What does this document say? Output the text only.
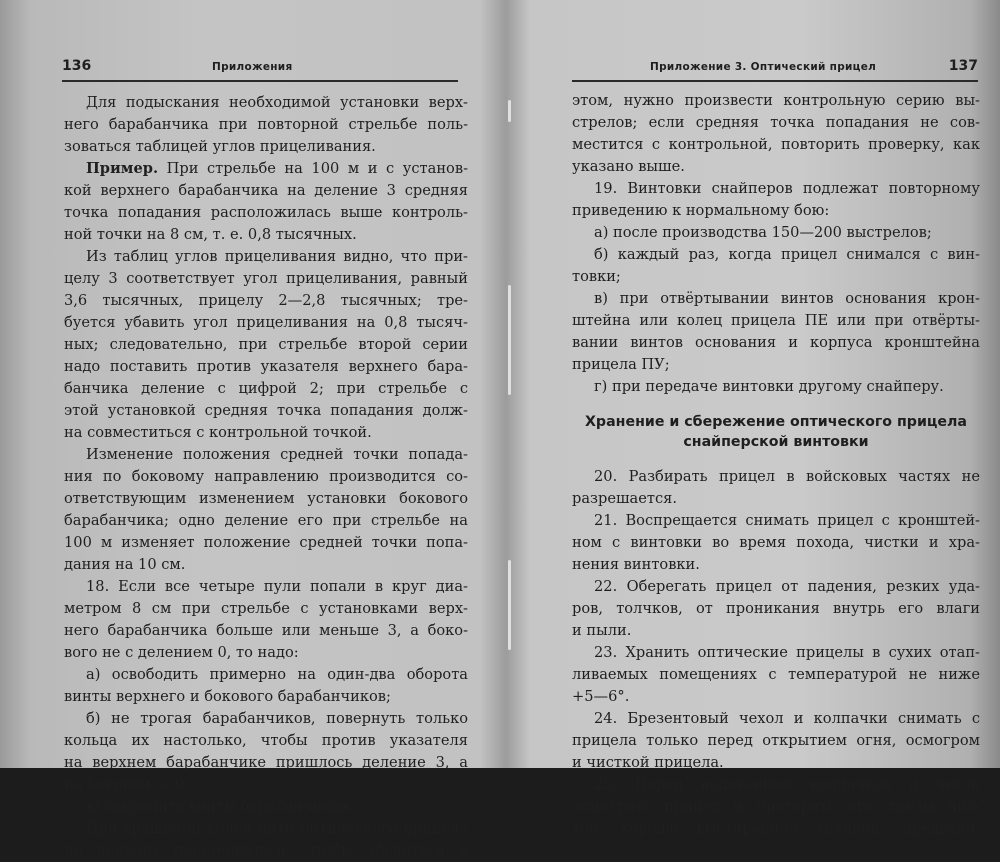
136	Приложения
Для подыскания необходимой установки верх-
него барабанчика при повторной стрельбе поль-
зоваться таблицей углов прицеливания.
Пример. При стрельбе на 100 м и с установ-
кой верхнего барабанчика на деление 3 средняя
точка попадания расположилась выше контроль-
ной точки на 8 см, т. е. 0,8 тысячных.
Из таблиц углов прицеливания видно, что при-
целу 3 соответствует угол прицеливания, равный
3,6 тысячных, прицелу 2—2,8 тысячных; тре-
буется убавить угол прицеливания на 0,8 тысяч-
ных; следовательно, при стрельбе второй серии
надо поставить против указателя верхнего бара-
банчика деление с цифрой 2; при стрельбе с
этой установкой средняя точка попадания долж-
на совместиться с контрольной точкой.
Изменение положения средней точки попада-
ния по боковому направлению производится со-
ответствующим изменением установки бокового
барабанчика; одно деление его при стрельбе на
100 м изменяет положение средней точки попа-
дания на 10 см.
18. Если все четыре пули попали в круг диа-
метром 8 см при стрельбе с установками верх-
него барабанчика больше или меньше 3, а боко-
вого не с делением 0, то надо:
а) освободить примерно на один-два оборота
винты верхнего и бокового барабанчиков;
б) не трогая барабанчиков, повернуть только
кольца их настолько, чтобы против указателя
на верхнем барабанчике пришлось деление 3, а
на боковом — 0;
в) закрепить винты барабанчиков.
При вращении колец нити оптического прицела
не должны перемещаться; чтобы убедиться в
Приложение 3. Оптический прицел	137
этом, нужно произвести контрольную серию вы-
стрелов; если средняя точка попадания не сов-
местится с контрольной, повторить проверку, как
указано выше.
19. Винтовки снайперов подлежат повторному
приведению к нормальному бою:
а) после производства 150—200 выстрелов;
б) каждый раз, когда прицел снимался с вин-
товки;
в) при отвёртывании винтов основания крон-
штейна или колец прицела ПЕ или при отвёрты-
вании винтов основания и корпуса кронштейна
прицела ПУ;
г) при передаче винтовки другому снайперу.
Хранение и сбережение оптического прицела
снайперской винтовки
20. Разбирать прицел в войсковых частях не
разрешается.
21. Воспрещается снимать прицел с кронштей-
ном с винтовки во время похода, чистки и хра-
нения винтовки.
22. Оберегать прицел от падения, резких уда-
ров, толчков, от проникания внутрь его влаги
и пыли.
23. Хранить оптические прицелы в сухих отап-
ливаемых помещениях с температурой не ниже
+5—6°.
24. Брезентовый чехол и колпачки снимать с
прицела только перед открытием огня, осмогром
и чисткой прицела.
25. Перед надеванием колпачков и чехла
осмотреть прицел и протереть его линзы чис-
той, хорошо выстиранной тряпкой, предвари-
